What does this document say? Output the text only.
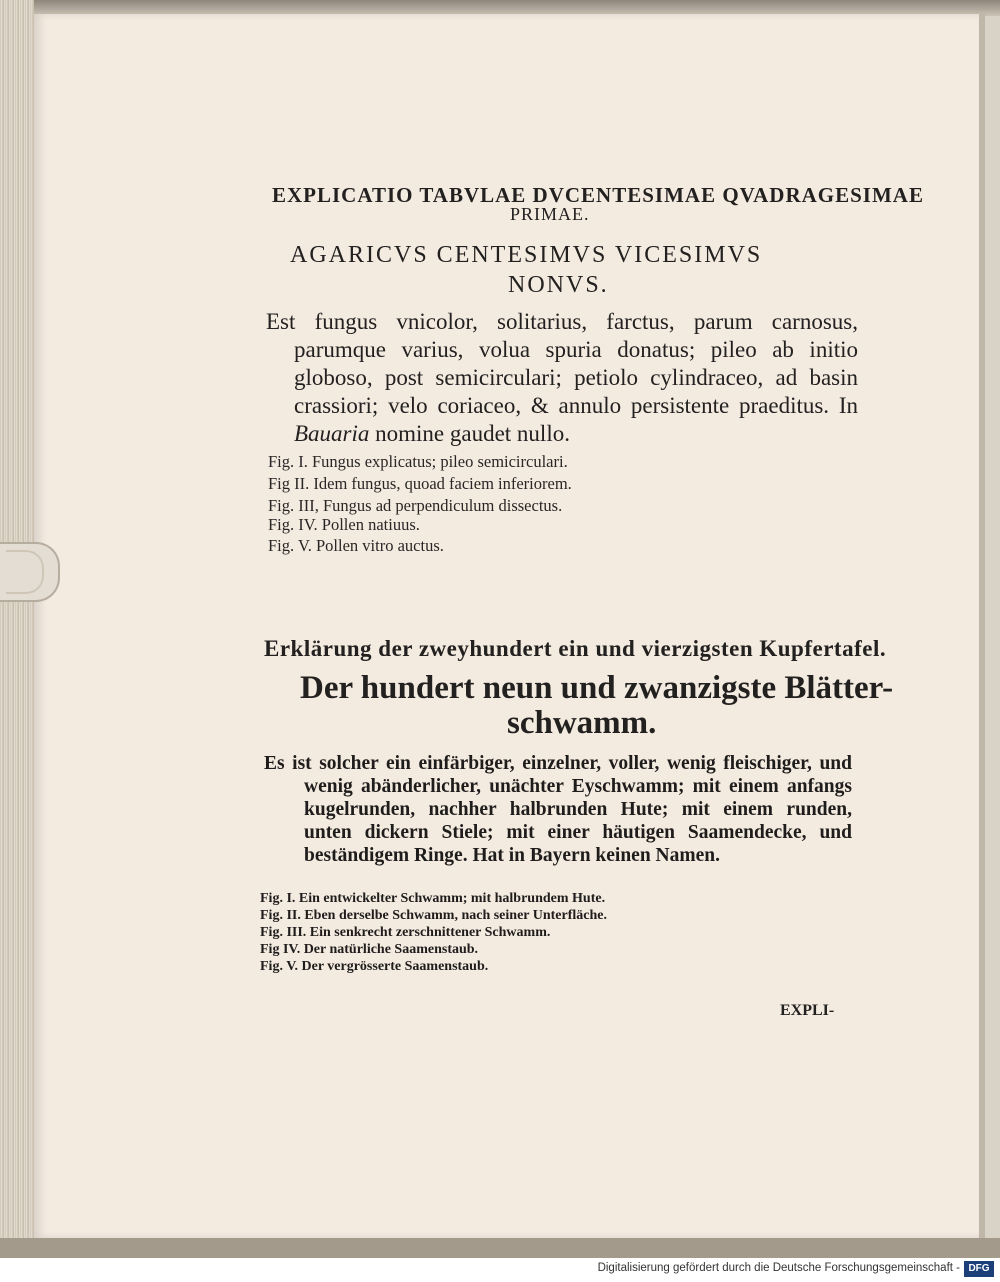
EXPLICATIO TABVLAE DVCENTESIMAE QVADRAGESIMAE
PRIMAE.
AGARICVS CENTESIMVS VICESIMVS
NONVS.

Est fungus vnicolor, solitarius, farctus, parum carnosus, parumque varius, volua spuria donatus; pileo ab initio globoso, post semicirculari; petiolo cylindraceo, ad basin crassiori; velo coriaceo, & annulo persistente praeditus. In Bauaria nomine gaudet nullo.

Fig. I. Fungus explicatus; pileo semicirculari.
Fig II. Idem fungus, quoad faciem inferiorem.
Fig. III, Fungus ad perpendiculum dissectus.
Fig. IV. Pollen natiuus.
Fig. V. Pollen vitro auctus.
Erklärung der zweyhundert ein und vierzigsten Kupfertafel.
Der hundert neun und zwanzigste Blätter-
schwamm.

Es ist solcher ein einfärbiger, einzelner, voller, wenig fleischiger, und wenig abänderlicher, unächter Eyschwamm; mit einem anfangs kugelrunden, nachher halbrunden Hute; mit einem runden, unten dickern Stiele; mit einer häutigen Saamendecke, und beständigem Ringe. Hat in Bayern keinen Namen.

Fig. I. Ein entwickelter Schwamm; mit halbrundem Hute.
Fig. II. Eben derselbe Schwamm, nach seiner Unterfläche.
Fig. III. Ein senkrecht zerschnittener Schwamm.
Fig IV. Der natürliche Saamenstaub.
Fig. V. Der vergrösserte Saamenstaub.
EXPLI-
Digitalisierung gefördert durch die Deutsche Forschungsgemeinschaft - DFG
